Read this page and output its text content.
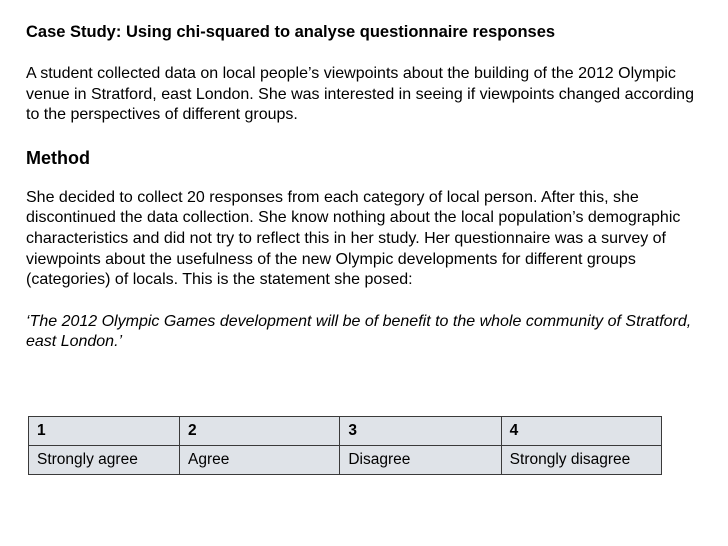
Case Study: Using chi-squared to analyse questionnaire responses
A student collected data on local people’s viewpoints about the building of the 2012 Olympic venue in Stratford, east London. She was interested in seeing if viewpoints changed according to the perspectives of different groups.
Method
She decided to collect 20 responses from each category of local person. After this, she discontinued the data collection. She know nothing about the local population’s demographic characteristics and did not try to reflect this in her study. Her questionnaire was a survey of viewpoints about the usefulness of the new Olympic developments for different groups (categories) of locals. This is the statement she posed:
‘The 2012 Olympic Games development will be of benefit to the whole community of Stratford, east London.’
1	2	3	4
Strongly agree	Agree	Disagree	Strongly disagree
